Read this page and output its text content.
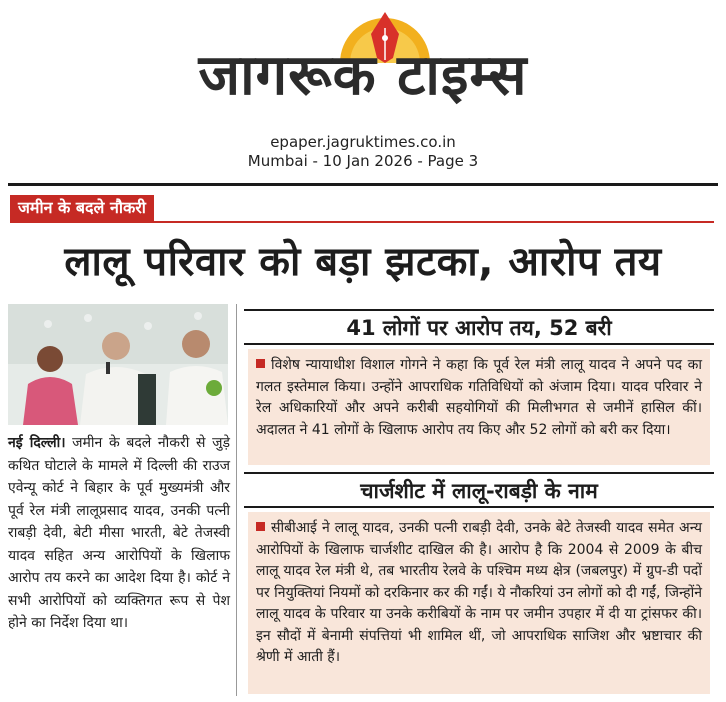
जागरूक टाइम्स
epaper.jagruktimes.co.in
Mumbai - 10 Jan 2026 - Page 3
जमीन के बदले नौकरी
लालू परिवार को बड़ा झटका, आरोप तय
नई दिल्ली। जमीन के बदले नौकरी से जुड़े कथित घोटाले के मामले में दिल्ली की राउज एवेन्यू कोर्ट ने बिहार के पूर्व मुख्यमंत्री और पूर्व रेल मंत्री लालूप्रसाद यादव, उनकी पत्नी राबड़ी देवी, बेटी मीसा भारती, बेटे तेजस्वी यादव सहित अन्य आरोपियों के खिलाफ आरोप तय करने का आदेश दिया है। कोर्ट ने सभी आरोपियों को व्यक्तिगत रूप से पेश होने का निर्देश दिया था।
41 लोगों पर आरोप तय, 52 बरी
विशेष न्यायाधीश विशाल गोगने ने कहा कि पूर्व रेल मंत्री लालू यादव ने अपने पद का गलत इस्तेमाल किया। उन्होंने आपराधिक गतिविधियों को अंजाम दिया। यादव परिवार ने रेल अधिकारियों और अपने करीबी सहयोगियों की मिलीभगत से जमीनें हासिल कीं। अदालत ने 41 लोगों के खिलाफ आरोप तय किए और 52 लोगों को बरी कर दिया।
चार्जशीट में लालू-राबड़ी के नाम
सीबीआई ने लालू यादव, उनकी पत्नी राबड़ी देवी, उनके बेटे तेजस्वी यादव समेत अन्य आरोपियों के खिलाफ चार्जशीट दाखिल की है। आरोप है कि 2004 से 2009 के बीच लालू यादव रेल मंत्री थे, तब भारतीय रेलवे के पश्चिम मध्य क्षेत्र (जबलपुर) में ग्रुप-डी पदों पर नियुक्तियां नियमों को दरकिनार कर की गईं। ये नौकरियां उन लोगों को दी गईं, जिन्होंने लालू यादव के परिवार या उनके करीबियों के नाम पर जमीन उपहार में दी या ट्रांसफर की। इन सौदों में बेनामी संपत्तियां भी शामिल थीं, जो आपराधिक साजिश और भ्रष्टाचार की श्रेणी में आती हैं।
